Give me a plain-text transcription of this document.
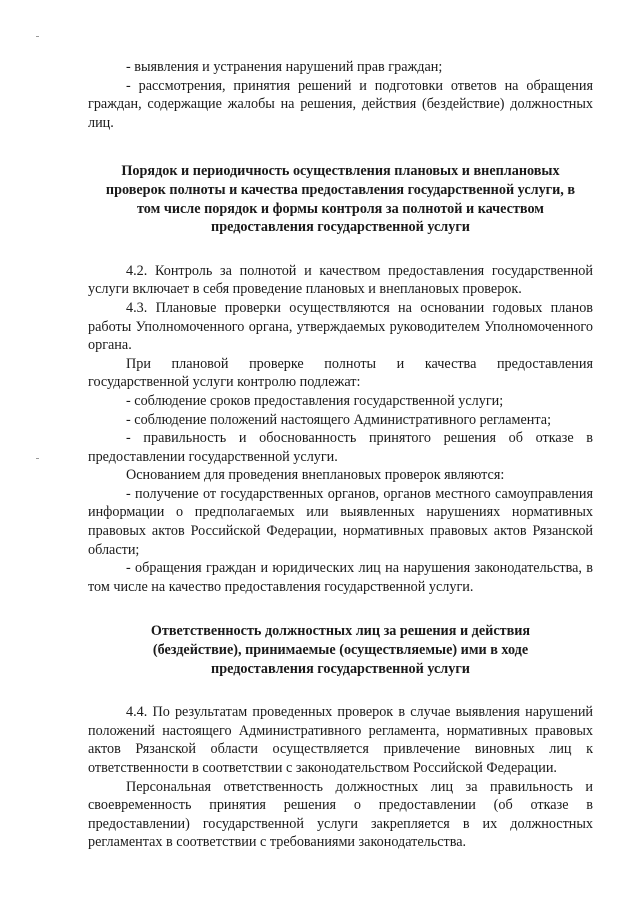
- выявления и устранения нарушений прав граждан;

- рассмотрения, принятия решений и подготовки ответов на обращения граждан, содержащие жалобы на решения, действия (бездействие) должностных лиц.

Порядок и периодичность осуществления плановых и внеплановых проверок полноты и качества предоставления государственной услуги, в том числе порядок и формы контроля за полнотой и качеством предоставления государственной услуги

4.2. Контроль за полнотой и качеством предоставления государственной услуги включает в себя проведение плановых и внеплановых проверок.

4.3. Плановые проверки осуществляются на основании годовых планов работы Уполномоченного органа, утверждаемых руководителем Уполномоченного органа.

При плановой проверке полноты и качества предоставления государственной услуги контролю подлежат:

- соблюдение сроков предоставления государственной услуги;

- соблюдение положений настоящего Административного регламента;

- правильность и обоснованность принятого решения об отказе в предоставлении государственной услуги.

Основанием для проведения внеплановых проверок являются:

- получение от государственных органов, органов местного самоуправления информации о предполагаемых или выявленных нарушениях нормативных правовых актов Российской Федерации, нормативных правовых актов Рязанской области;

- обращения граждан и юридических лиц на нарушения законодательства, в том числе на качество предоставления государственной услуги.

Ответственность должностных лиц за решения и действия (бездействие), принимаемые (осуществляемые) ими в ходе предоставления государственной услуги

4.4. По результатам проведенных проверок в случае выявления нарушений положений настоящего Административного регламента, нормативных правовых актов Рязанской области осуществляется привлечение виновных лиц к ответственности в соответствии с законодательством Российской Федерации.

Персональная ответственность должностных лиц за правильность и своевременность принятия решения о предоставлении (об отказе в предоставлении) государственной услуги закрепляется в их должностных регламентах в соответствии с требованиями законодательства.
